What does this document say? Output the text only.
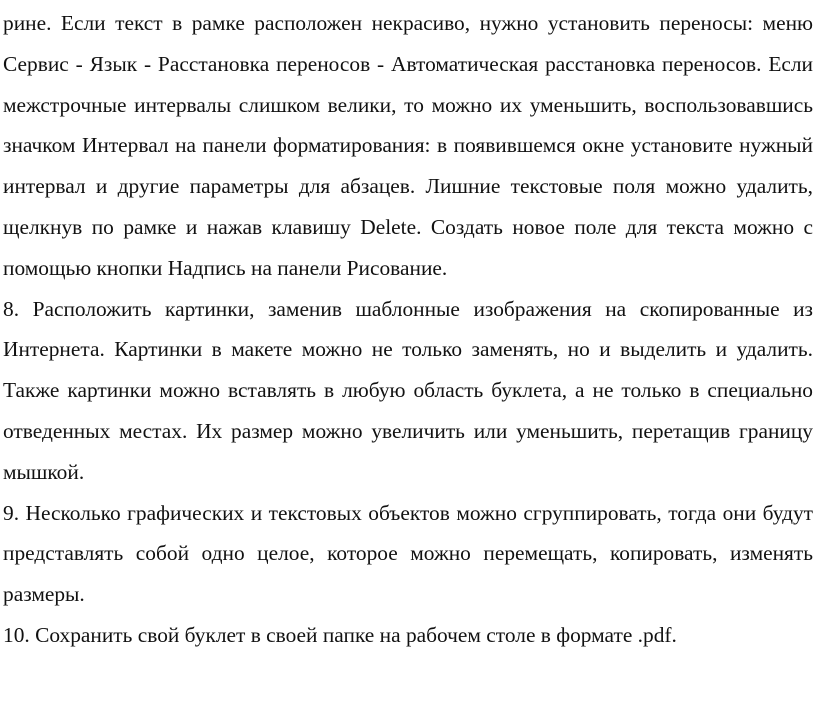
рине. Если текст в рамке расположен некрасиво, нужно установить переносы: меню Сервис - Язык - Расстановка переносов - Автоматическая расстановка переносов. Если межстрочные интервалы слишком велики, то можно их уменьшить, воспользовавшись значком Интервал на панели форматирования: в появившемся окне установите нужный интервал и другие параметры для абзацев. Лишние текстовые поля можно удалить, щелкнув по рамке и нажав клавишу Delete. Создать новое поле для текста можно с помощью кнопки Надпись на панели Рисование.

8. Расположить картинки, заменив шаблонные изображения на скопированные из Интернета. Картинки в макете можно не только заменять, но и выделить и удалить. Также картинки можно вставлять в любую область буклета, а не только в специально отведенных местах. Их размер можно увеличить или уменьшить, перетащив границу мышкой.

9. Несколько графических и текстовых объектов можно сгруппировать, тогда они будут представлять собой одно целое, которое можно перемещать, копировать, изменять размеры.

10. Сохранить свой буклет в своей папке на рабочем столе в формате .pdf.
